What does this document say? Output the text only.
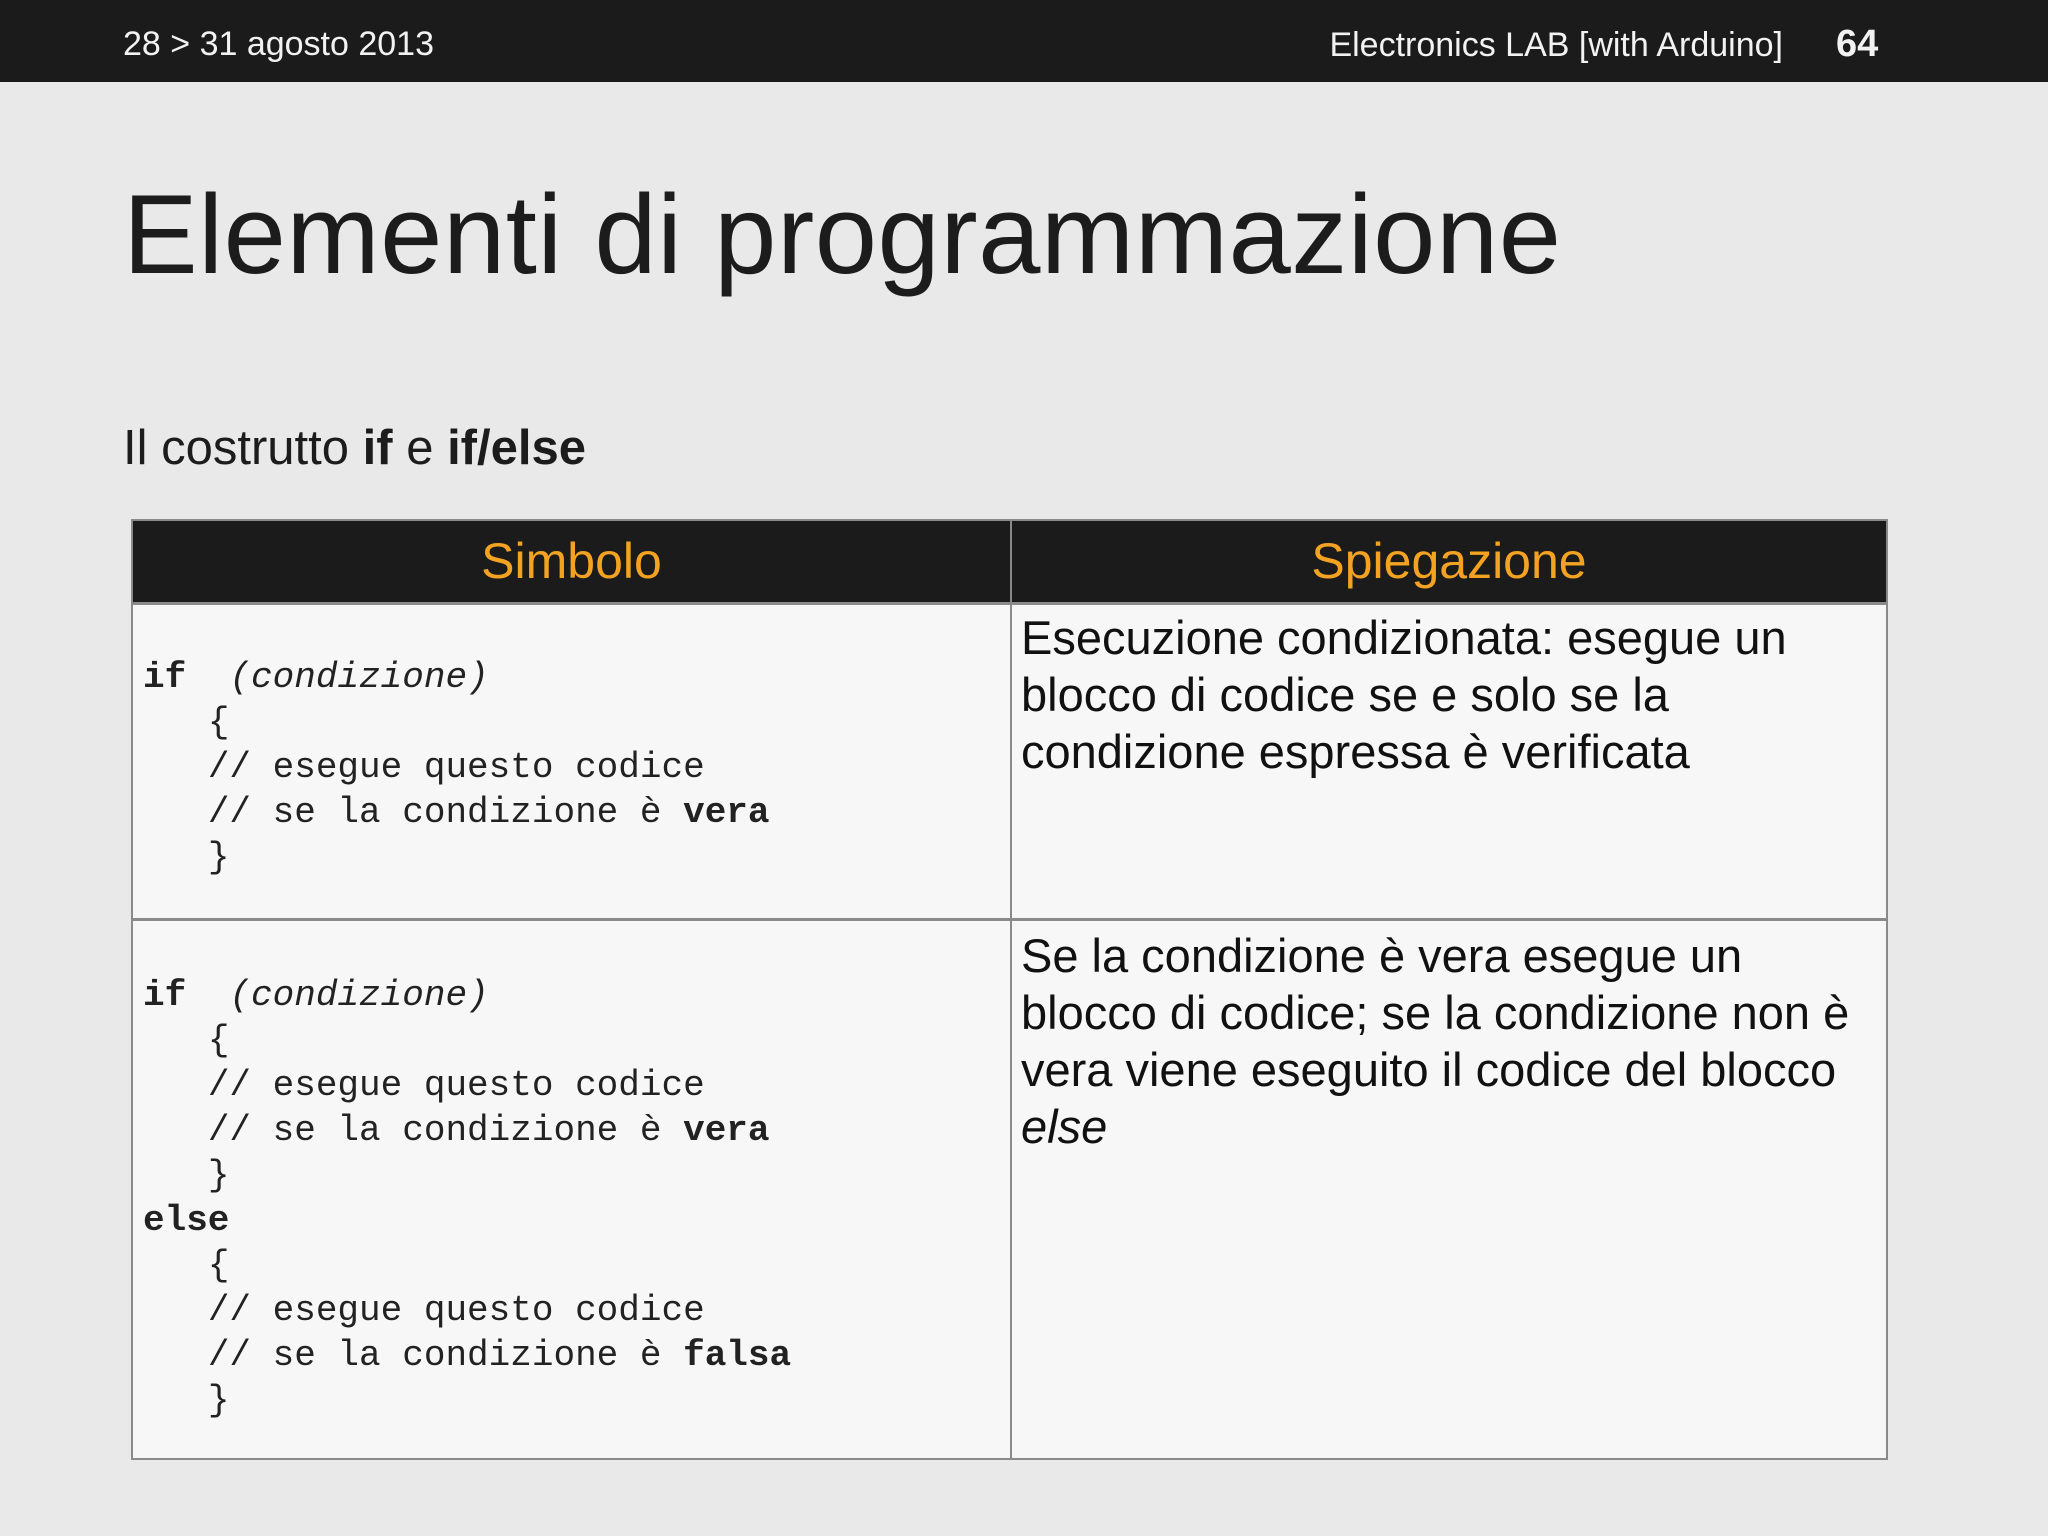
28 > 31 agosto 2013	Electronics LAB [with Arduino] 64
Elementi di programmazione
Il costrutto if e if/else
Simbolo	Spiegazione
if (condizione)
{
// esegue questo codice
// se la condizione è vera
}
Esecuzione condizionata: esegue un blocco di codice se e solo se la condizione espressa è verificata
if (condizione)
{
// esegue questo codice
// se la condizione è vera
}
else
{
// esegue questo codice
// se la condizione è falsa
}
Se la condizione è vera esegue un blocco di codice; se la condizione non è vera viene eseguito il codice del blocco else
